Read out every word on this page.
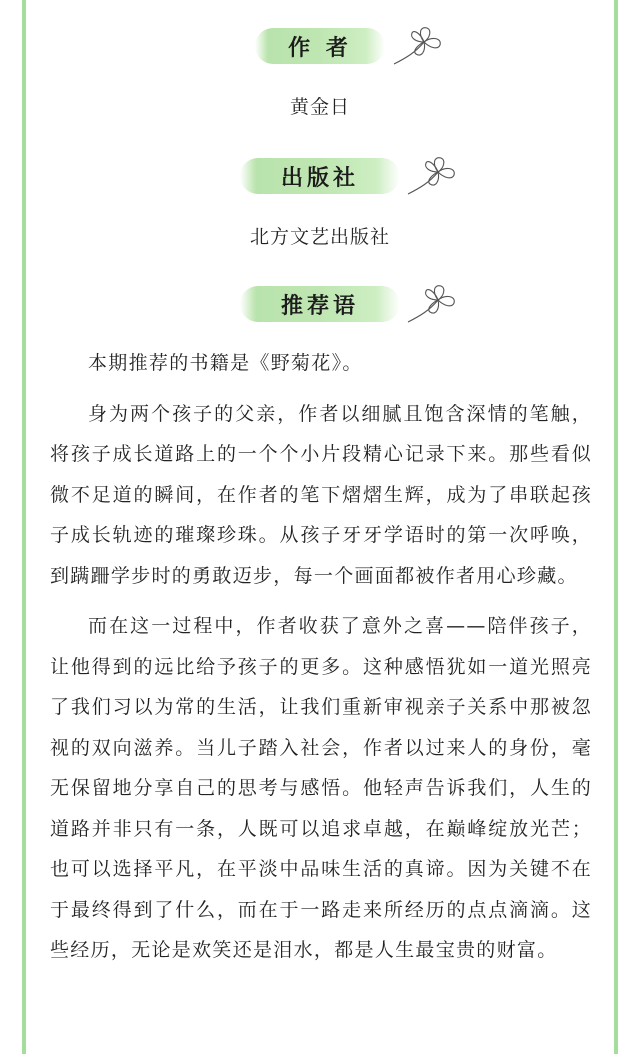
作 者
黄金日
出版社
北方文艺出版社
推荐语

本期推荐的书籍是《野菊花》。

身为两个孩子的父亲，作者以细腻且饱含深情的笔触，将孩子成长道路上的一个个小片段精心记录下来。那些看似微不足道的瞬间，在作者的笔下熠熠生辉，成为了串联起孩子成长轨迹的璀璨珍珠。从孩子牙牙学语时的第一次呼唤，到蹒跚学步时的勇敢迈步，每一个画面都被作者用心珍藏。

而在这一过程中，作者收获了意外之喜——陪伴孩子，让他得到的远比给予孩子的更多。这种感悟犹如一道光照亮了我们习以为常的生活，让我们重新审视亲子关系中那被忽视的双向滋养。当儿子踏入社会，作者以过来人的身份，毫无保留地分享自己的思考与感悟。他轻声告诉我们，人生的道路并非只有一条，人既可以追求卓越，在巅峰绽放光芒；也可以选择平凡，在平淡中品味生活的真谛。因为关键不在于最终得到了什么，而在于一路走来所经历的点点滴滴。这些经历，无论是欢笑还是泪水，都是人生最宝贵的财富。
